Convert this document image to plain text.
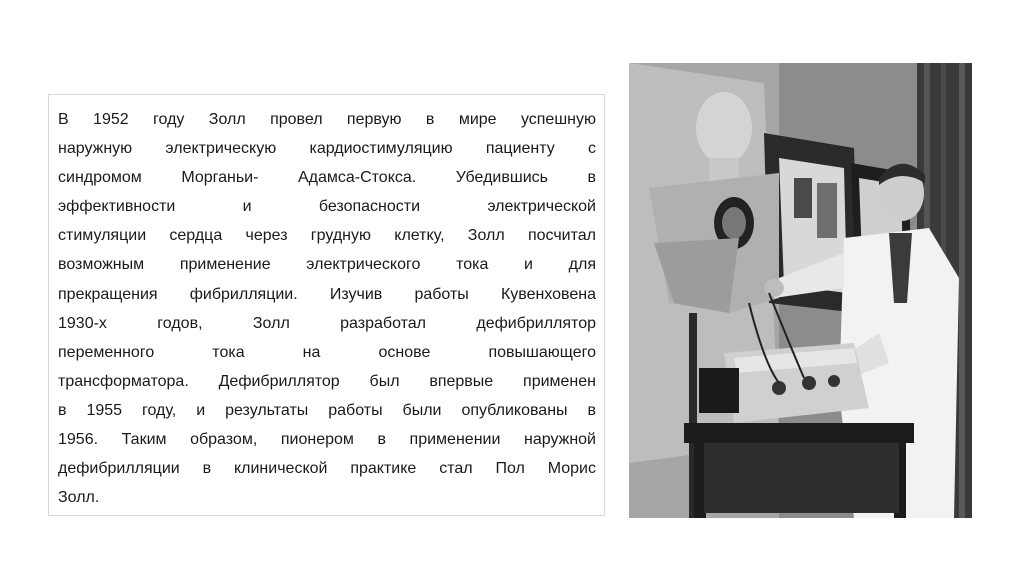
В 1952 году Золл провел первую в мире успешную
наружную электрическую кардиостимуляцию пациенту с
синдромом Морганьи- Адамса-Стокса. Убедившись в
эффективности и безопасности электрической
стимуляции сердца через грудную клетку, Золл посчитал
возможным применение электрического тока и для
прекращения фибрилляции. Изучив работы Кувенховена
1930-х годов, Золл разработал дефибриллятор
переменного тока на основе повышающего
трансформатора. Дефибриллятор был впервые применен
в 1955 году, и результаты работы были опубликованы в
1956. Таким образом, пионером в применении наружной
дефибрилляции в клинической практике стал Пол Морис
Золл.
